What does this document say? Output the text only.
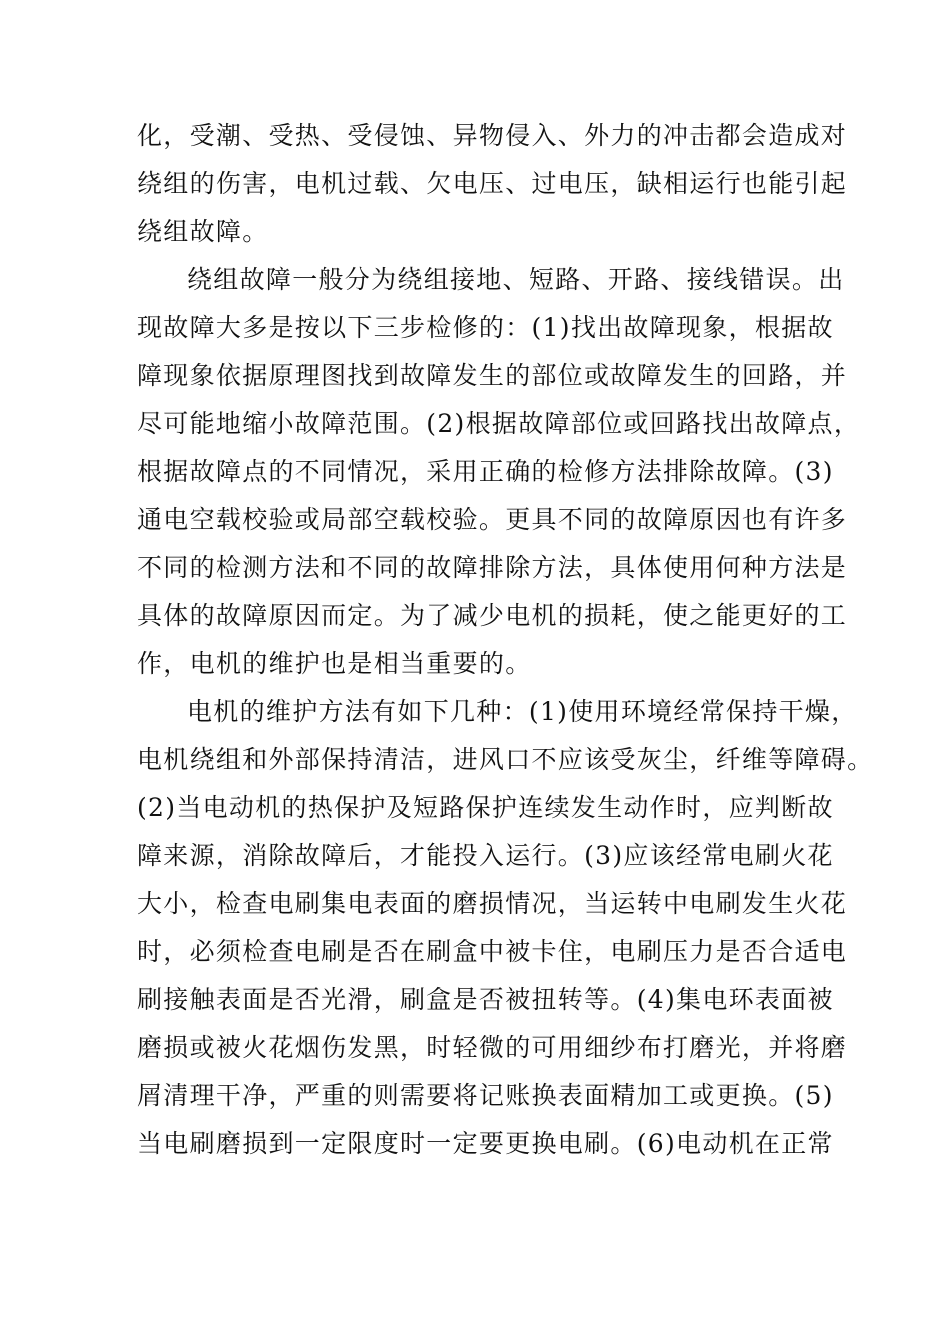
化，受潮、受热、受侵蚀、异物侵入、外力的冲击都会造成对
绕组的伤害，电机过载、欠电压、过电压，缺相运行也能引起
绕组故障。
绕组故障一般分为绕组接地、短路、开路、接线错误。出
现故障大多是按以下三步检修的：(1)找出故障现象，根据故
障现象依据原理图找到故障发生的部位或故障发生的回路，并
尽可能地缩小故障范围。(2)根据故障部位或回路找出故障点，
根据故障点的不同情况，采用正确的检修方法排除故障。(3)
通电空载校验或局部空载校验。更具不同的故障原因也有许多
不同的检测方法和不同的故障排除方法，具体使用何种方法是
具体的故障原因而定。为了减少电机的损耗，使之能更好的工
作，电机的维护也是相当重要的。
电机的维护方法有如下几种：(1)使用环境经常保持干燥，
电机绕组和外部保持清洁，进风口不应该受灰尘，纤维等障碍。
(2)当电动机的热保护及短路保护连续发生动作时，应判断故
障来源，消除故障后，才能投入运行。(3)应该经常电刷火花
大小，检查电刷集电表面的磨损情况，当运转中电刷发生火花
时，必须检查电刷是否在刷盒中被卡住，电刷压力是否合适电
刷接触表面是否光滑，刷盒是否被扭转等。(4)集电环表面被
磨损或被火花烟伤发黑，时轻微的可用细纱布打磨光，并将磨
屑清理干净，严重的则需要将记账换表面精加工或更换。(5)
当电刷磨损到一定限度时一定要更换电刷。(6)电动机在正常
